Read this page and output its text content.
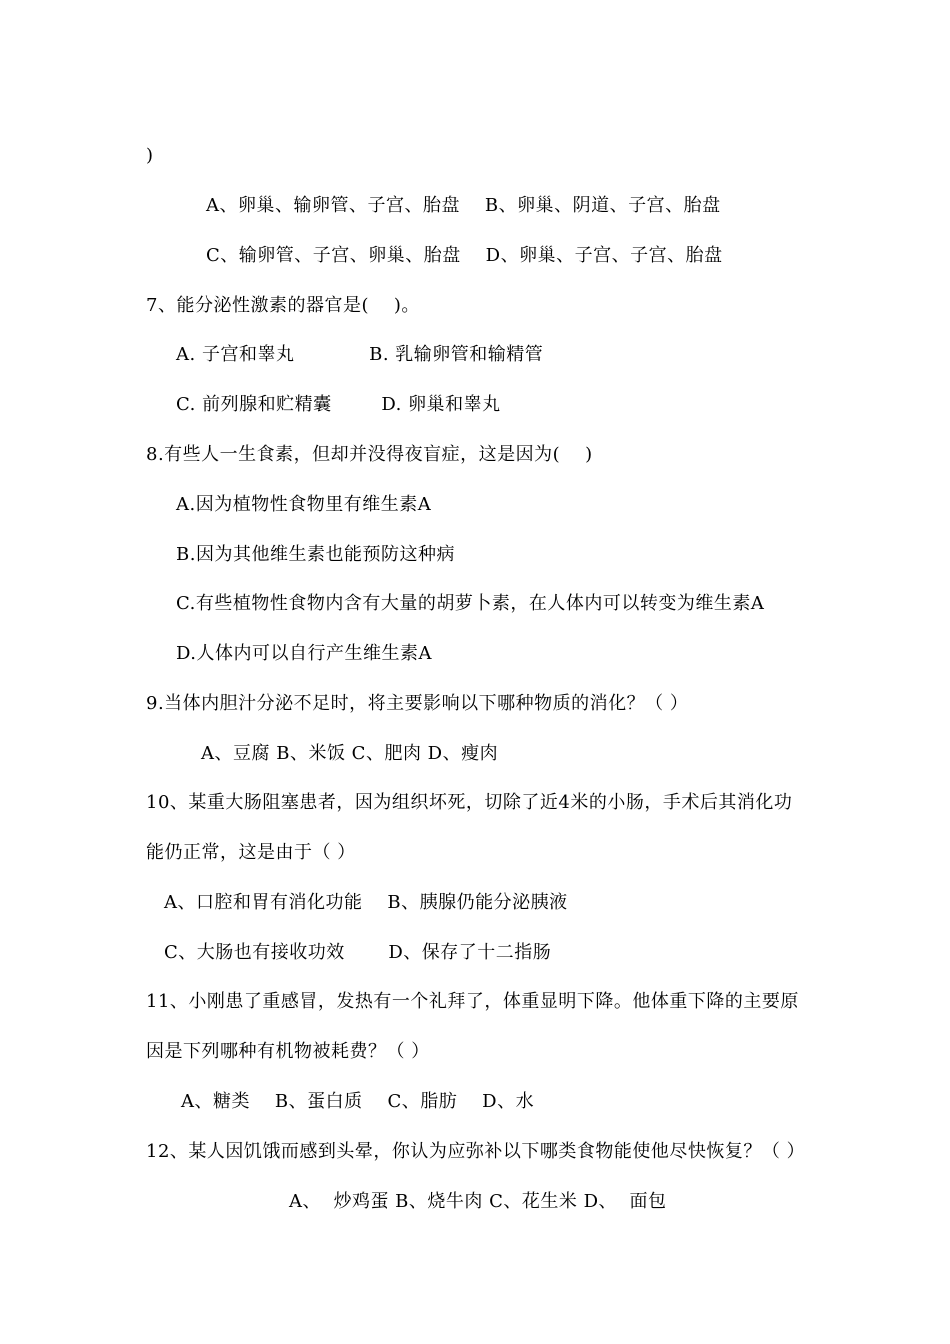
)

A、卵巢、输卵管、子宫、胎盘    B、卵巢、阴道、子宫、胎盘

C、输卵管、子宫、卵巢、胎盘    D、卵巢、子宫、子宫、胎盘

7、能分泌性激素的器官是(    )。

A. 子宫和睾丸            B. 乳输卵管和输精管

C. 前列腺和贮精囊        D. 卵巢和睾丸

8.有些人一生食素，但却并没得夜盲症，这是因为(    )

A.因为植物性食物里有维生素A

B.因为其他维生素也能预防这种病

C.有些植物性食物内含有大量的胡萝卜素，在人体内可以转变为维生素A

D.人体内可以自行产生维生素A

9.当体内胆汁分泌不足时，将主要影响以下哪种物质的消化？（ ）

A、豆腐 B、米饭 C、肥肉 D、瘦肉

10、某重大肠阻塞患者，因为组织坏死，切除了近4米的小肠，手术后其消化功

能仍正常，这是由于（ ）

A、口腔和胃有消化功能    B、胰腺仍能分泌胰液

C、大肠也有接收功效       D、保存了十二指肠

11、小刚患了重感冒，发热有一个礼拜了，体重显明下降。他体重下降的主要原

因是下列哪种有机物被耗费？（ ）

A、糖类    B、蛋白质    C、脂肪    D、水

12、某人因饥饿而感到头晕，你认为应弥补以下哪类食物能使他尽快恢复？（ ）

A、  炒鸡蛋 B、烧牛肉 C、花生米 D、  面包
